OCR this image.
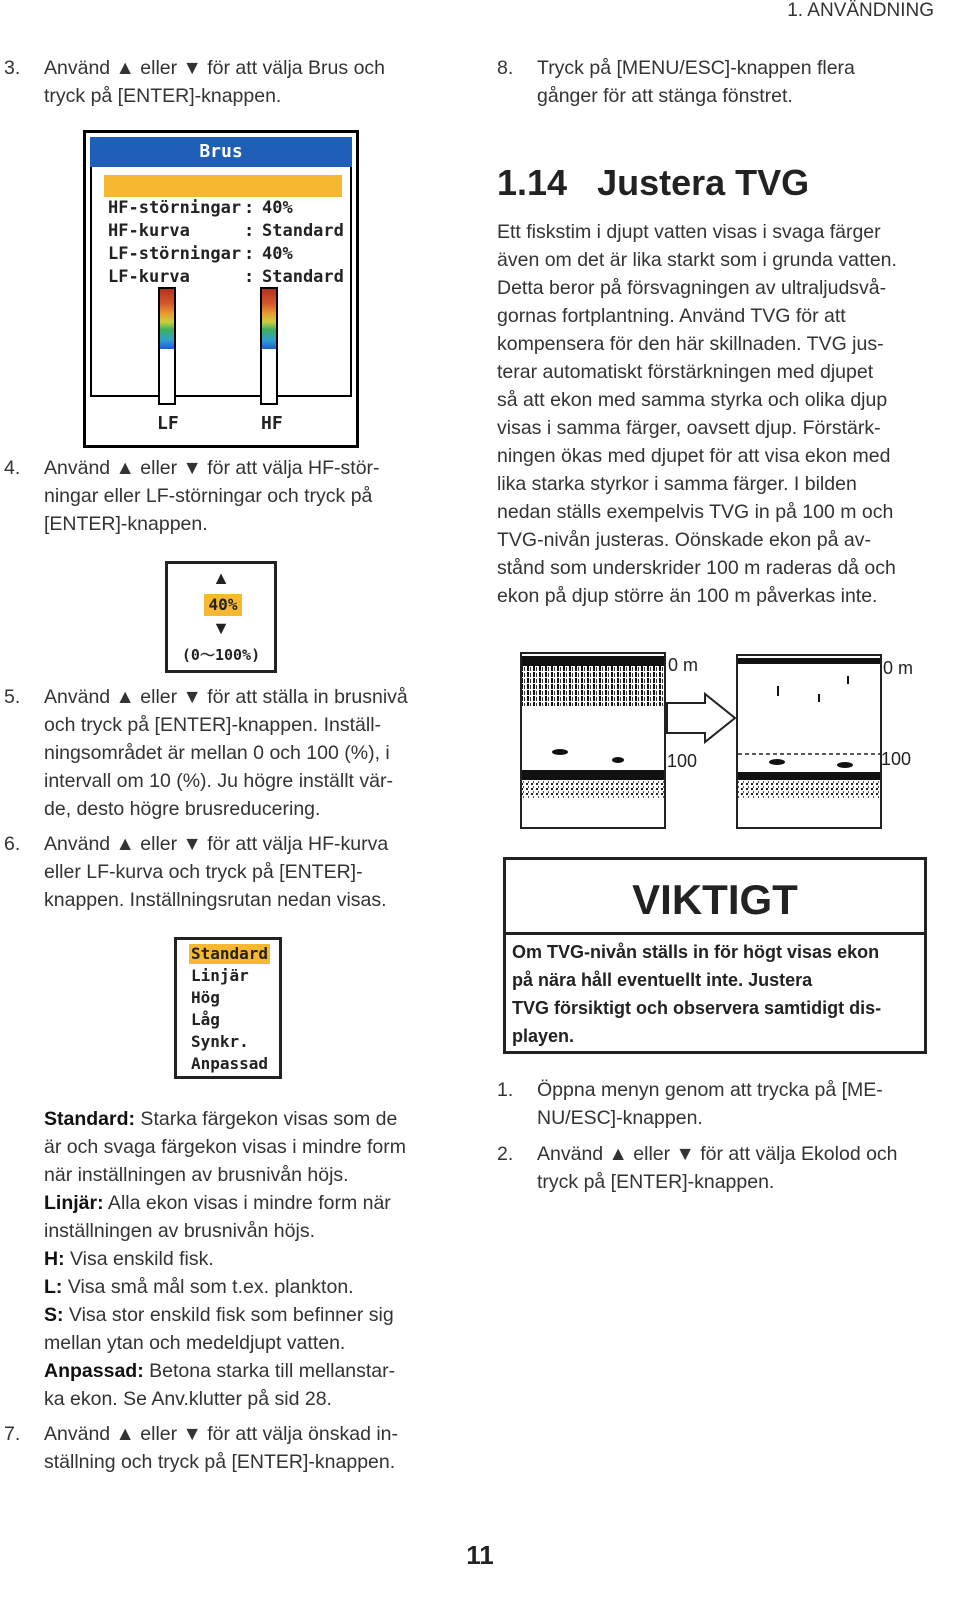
1. ANVÄNDNING
3. Använd ▲ eller ▼ för att välja Brus och
tryck på [ENTER]-knappen.
Brus

HF-störningar : 40%

HF-kurva	: Standard

LF-störningar : 40%

LF-kurva	: Standard

LF	HF
4. Använd ▲ eller ▼ för att välja HF-stör-
ningar eller LF-störningar och tryck på
[ENTER]-knappen.
▲
40%
▼
(0～100%)
5. Använd ▲ eller ▼ för att ställa in brusnivå
och tryck på [ENTER]-knappen. Inställ-
ningsområdet är mellan 0 och 100 (%), i
intervall om 10 (%). Ju högre inställt vär-
de, desto högre brusreducering.
6. Använd ▲ eller ▼ för att välja HF-kurva
eller LF-kurva och tryck på [ENTER]-
knappen. Inställningsrutan nedan visas.
Standard
Linjär
Hög
Låg
Synkr.
Anpassad
Standard: Starka färgekon visas som de
är och svaga färgekon visas i mindre form
när inställningen av brusnivån höjs.
Linjär: Alla ekon visas i mindre form när
inställningen av brusnivån höjs.
H: Visa enskild fisk.
L: Visa små mål som t.ex. plankton.
S: Visa stor enskild fisk som befinner sig
mellan ytan och medeldjupt vatten.
Anpassad: Betona starka till mellanstar-
ka ekon. Se Anv.klutter på sid 28.
7. Använd ▲ eller ▼ för att välja önskad in-
ställning och tryck på [ENTER]-knappen.
8. Tryck på [MENU/ESC]-knappen flera
gånger för att stänga fönstret.
1.14   Justera TVG
Ett fiskstim i djupt vatten visas i svaga färger
även om det är lika starkt som i grunda vatten.
Detta beror på försvagningen av ultraljudsvå-
gornas fortplantning. Använd TVG för att
kompensera för den här skillnaden. TVG jus-
terar automatiskt förstärkningen med djupet
så att ekon med samma styrka och olika djup
visas i samma färger, oavsett djup. Förstärk-
ningen ökas med djupet för att visa ekon med
lika starka styrkor i samma färger. I bilden
nedan ställs exempelvis TVG in på 100 m och
TVG-nivån justeras. Oönskade ekon på av-
stånd som underskrider 100 m raderas då och
ekon på djup större än 100 m påverkas inte.
0 m
100
0 m
100
VIKTIGT
Om TVG-nivån ställs in för högt visas ekon
på nära håll eventuellt inte. Justera
TVG försiktigt och observera samtidigt dis-
playen.
1. Öppna menyn genom att trycka på [ME-
NU/ESC]-knappen.
2. Använd ▲ eller ▼ för att välja Ekolod och
tryck på [ENTER]-knappen.
11
